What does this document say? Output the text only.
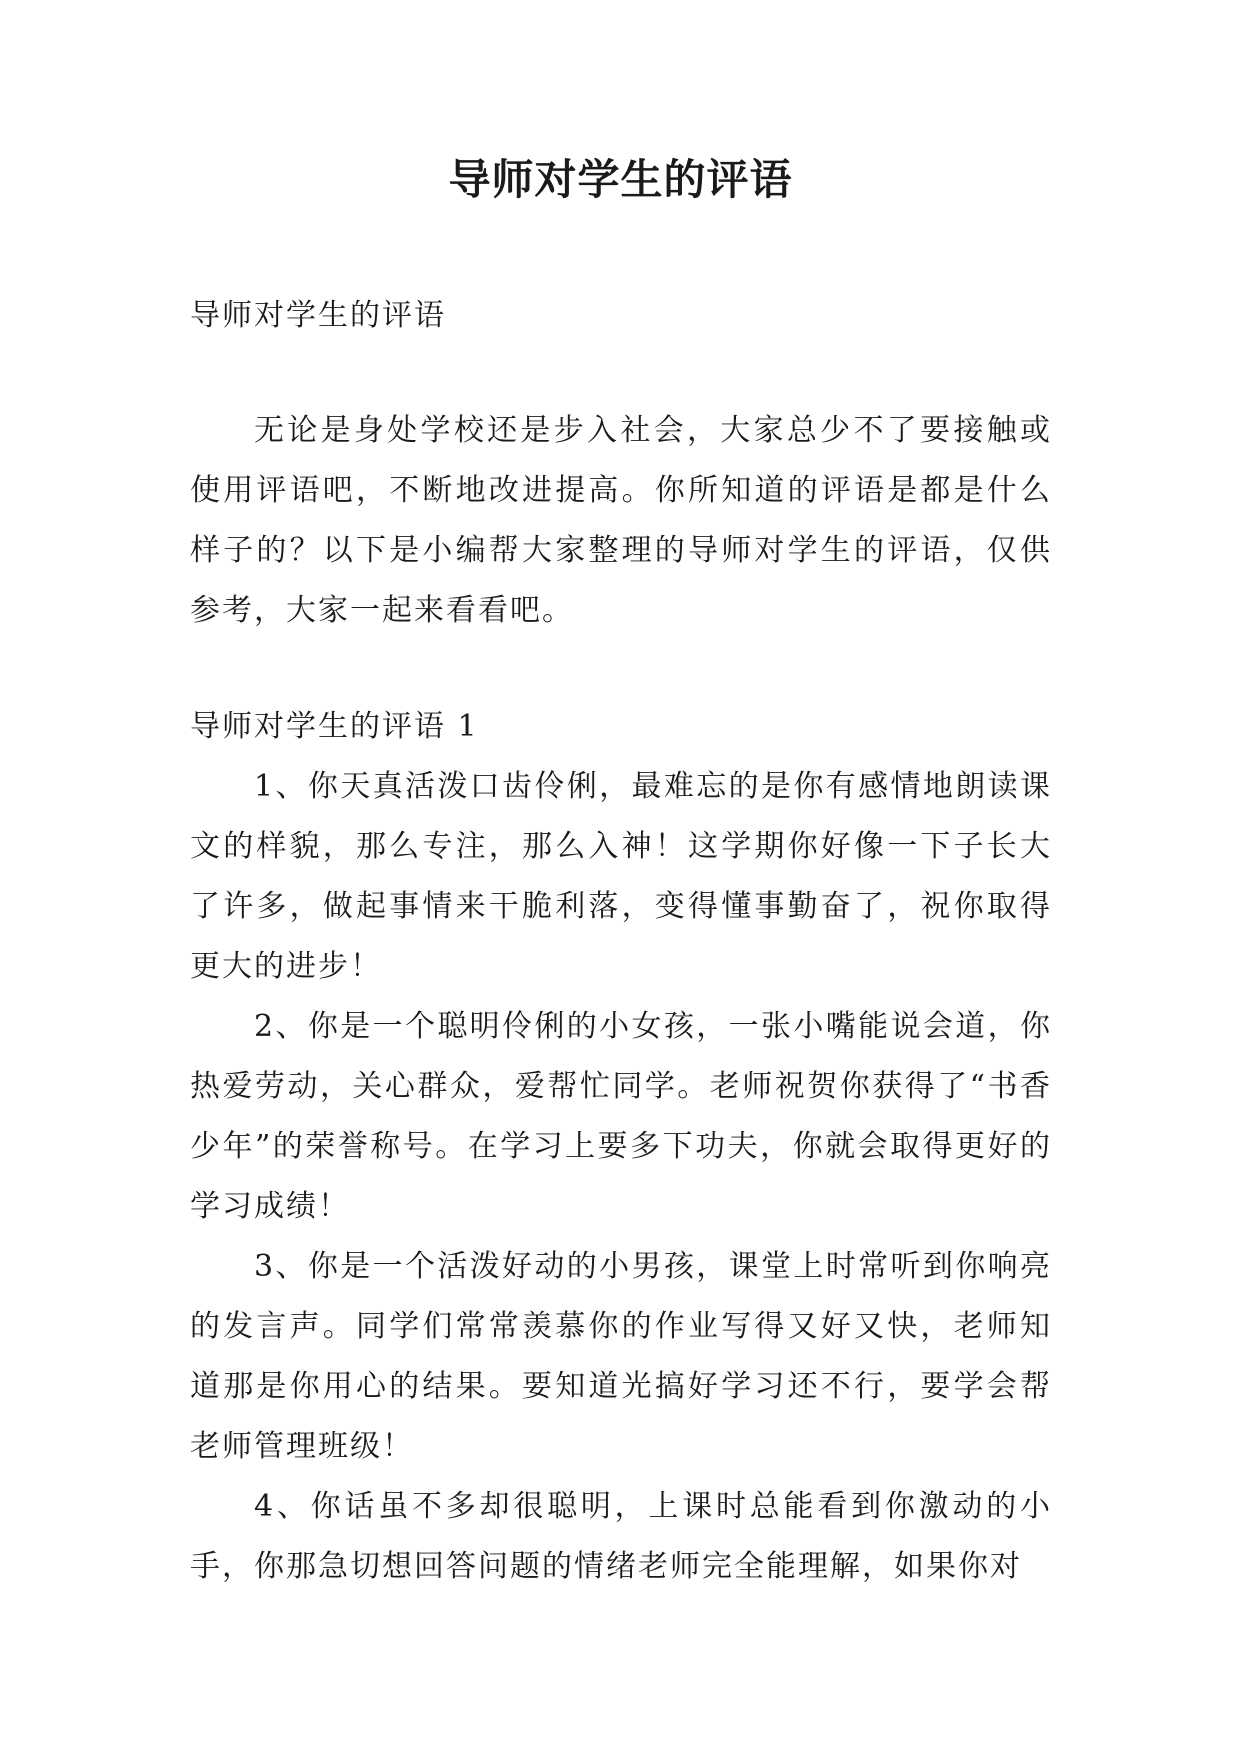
导师对学生的评语
导师对学生的评语

无论是身处学校还是步入社会，大家总少不了要接触或使用评语吧，不断地改进提高。你所知道的评语是都是什么样子的？以下是小编帮大家整理的导师对学生的评语，仅供参考，大家一起来看看吧。

导师对学生的评语 1

1、你天真活泼口齿伶俐，最难忘的是你有感情地朗读课文的样貌，那么专注，那么入神！这学期你好像一下子长大了许多，做起事情来干脆利落，变得懂事勤奋了，祝你取得更大的进步！

2、你是一个聪明伶俐的小女孩，一张小嘴能说会道，你热爱劳动，关心群众，爱帮忙同学。老师祝贺你获得了“书香少年”的荣誉称号。在学习上要多下功夫，你就会取得更好的学习成绩！

3、你是一个活泼好动的小男孩，课堂上时常听到你响亮的发言声。同学们常常羡慕你的作业写得又好又快，老师知道那是你用心的结果。要知道光搞好学习还不行，要学会帮老师管理班级！

4、你话虽不多却很聪明，上课时总能看到你激动的小手，你那急切想回答问题的情绪老师完全能理解，如果你对
